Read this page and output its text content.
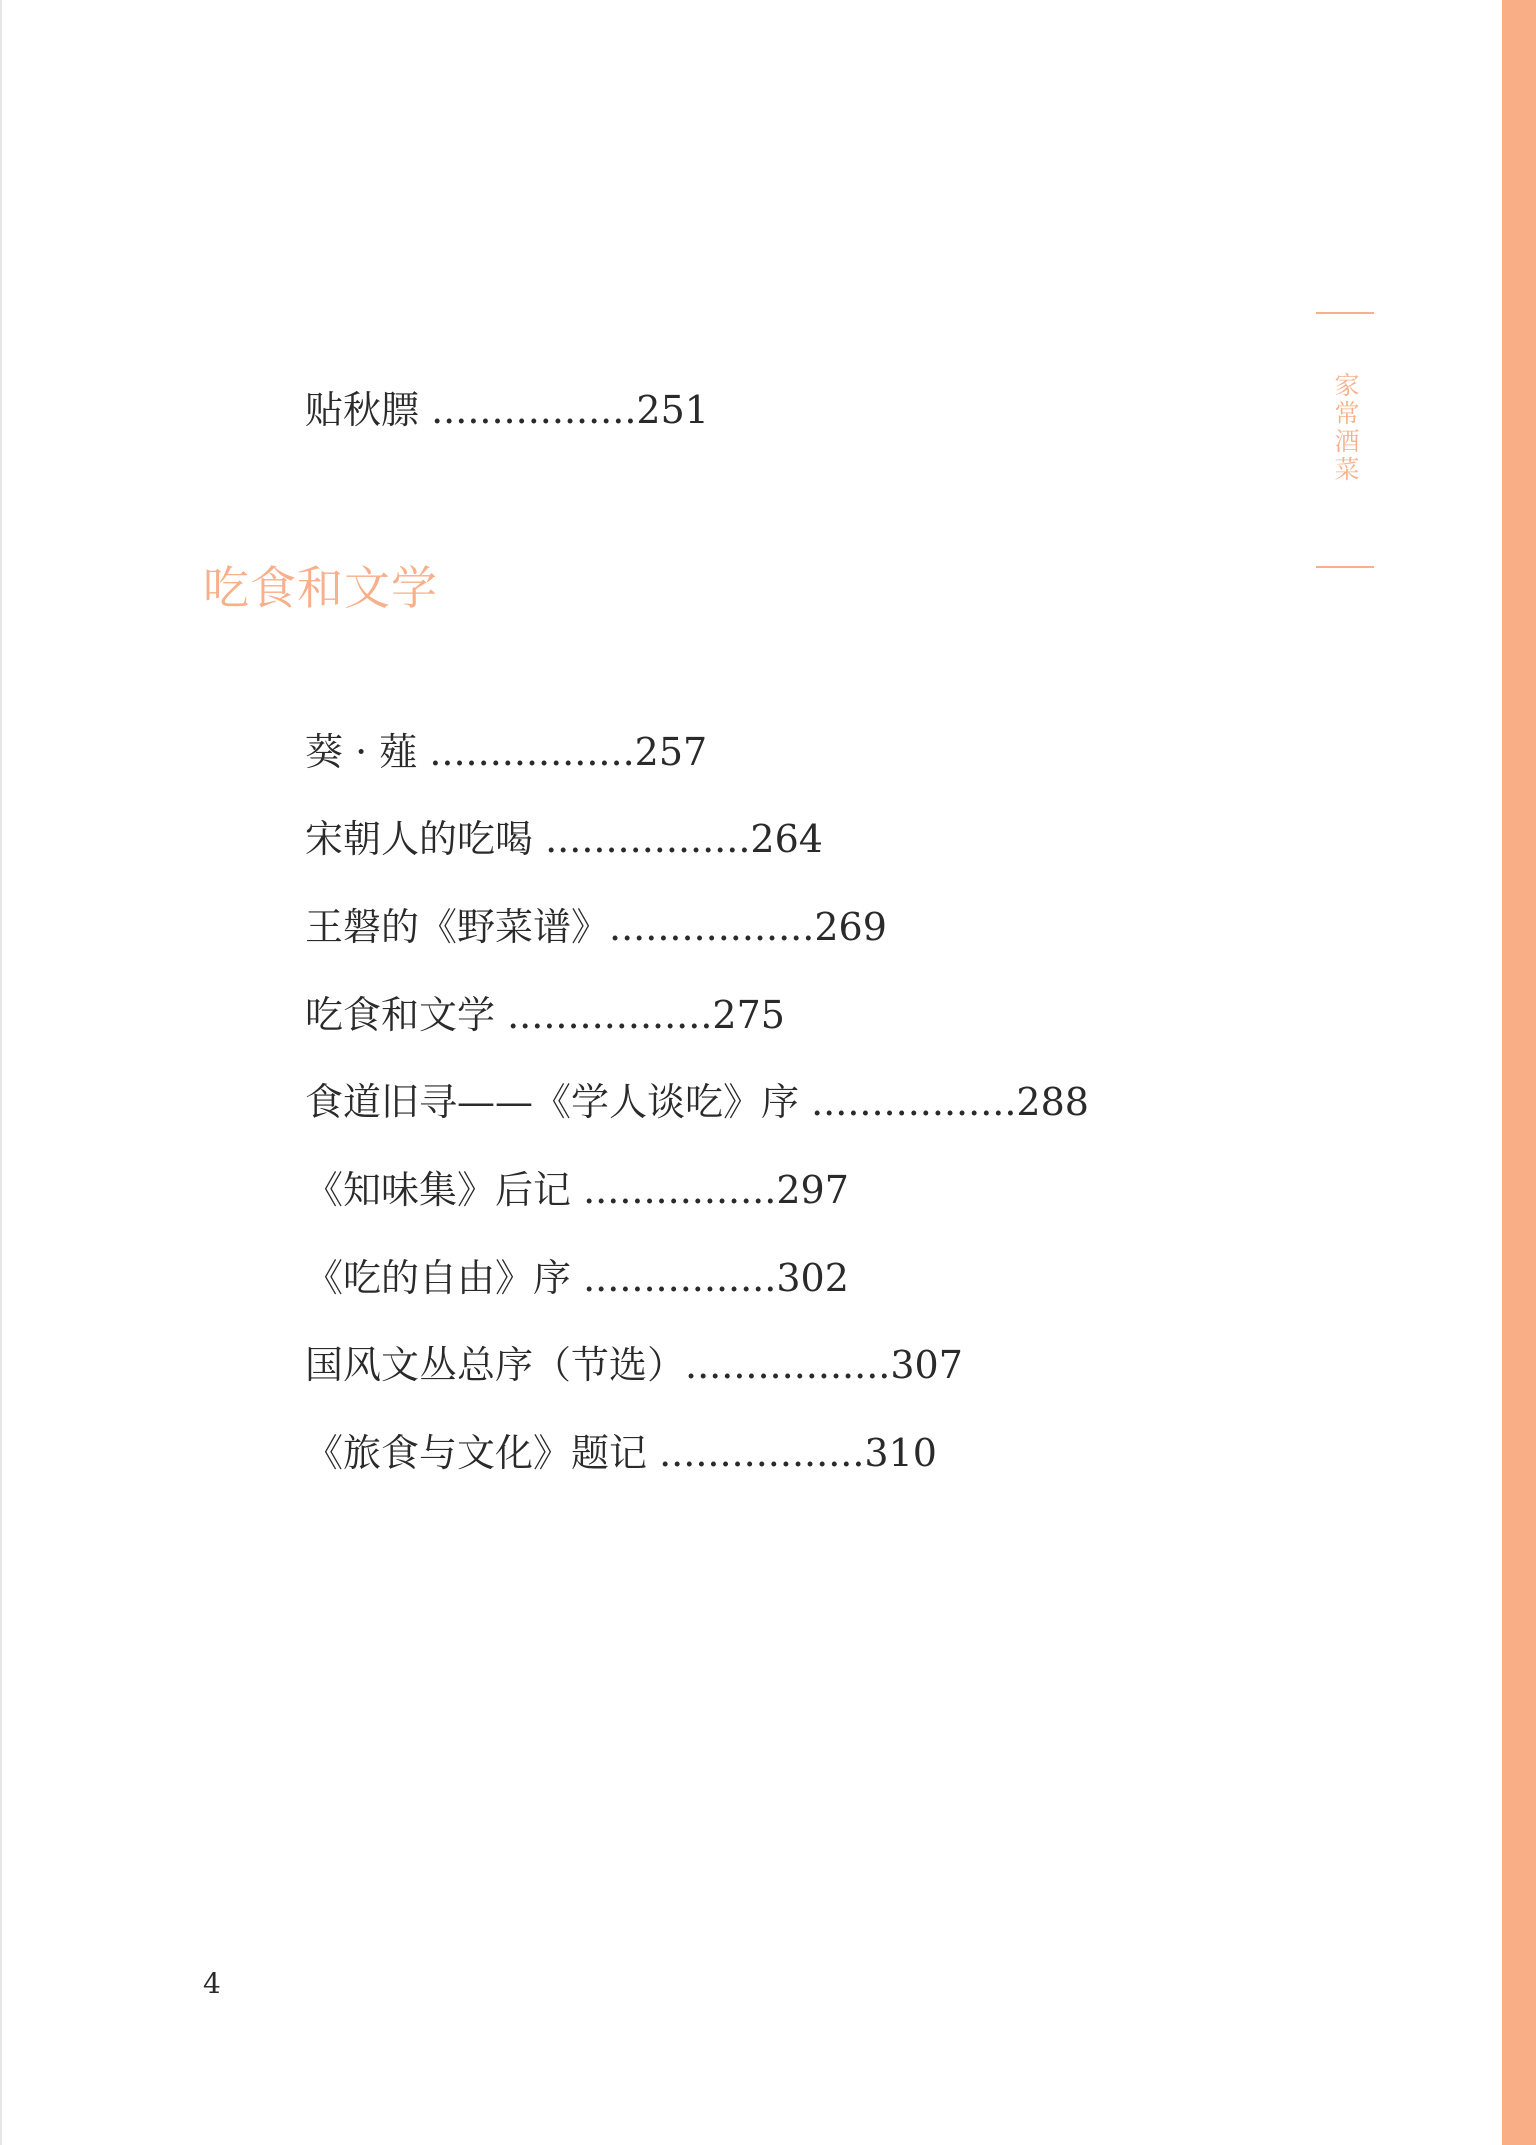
家常酒菜
贴秋膘 .................251
吃食和文学
葵 · 薤 .................257
宋朝人的吃喝 .................264
王磐的《野菜谱》.................269
吃食和文学 .................275
食道旧寻——《学人谈吃》序 .................288
《知味集》后记 ................297
《吃的自由》序 ................302
国风文丛总序（节选）.................307
《旅食与文化》题记 .................310
4
